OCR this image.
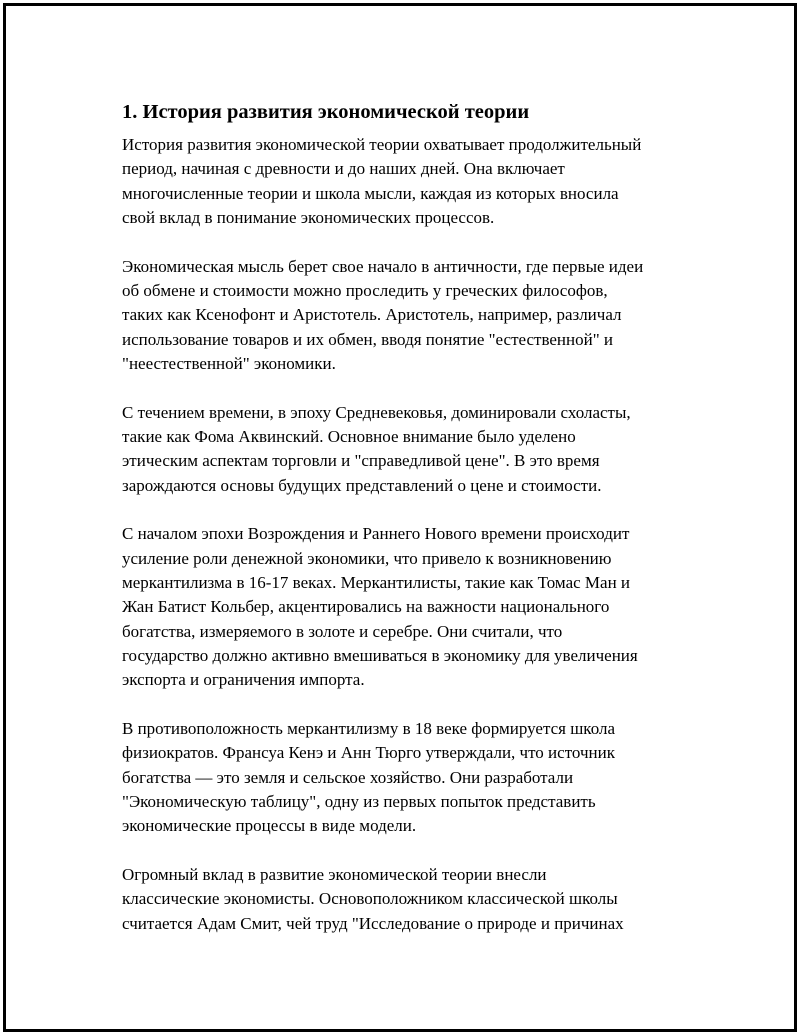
1. История развития экономической теории

История развития экономической теории охватывает продолжительный
период, начиная с древности и до наших дней. Она включает
многочисленные теории и школа мысли, каждая из которых вносила
свой вклад в понимание экономических процессов.

Экономическая мысль берет свое начало в античности, где первые идеи
об обмене и стоимости можно проследить у греческих философов,
таких как Ксенофонт и Аристотель. Аристотель, например, различал
использование товаров и их обмен, вводя понятие "естественной" и
"неестественной" экономики.

С течением времени, в эпоху Средневековья, доминировали схоласты,
такие как Фома Аквинский. Основное внимание было уделено
этическим аспектам торговли и "справедливой цене". В это время
зарождаются основы будущих представлений о цене и стоимости.

С началом эпохи Возрождения и Раннего Нового времени происходит
усиление роли денежной экономики, что привело к возникновению
меркантилизма в 16-17 веках. Меркантилисты, такие как Томас Ман и
Жан Батист Кольбер, акцентировались на важности национального
богатства, измеряемого в золоте и серебре. Они считали, что
государство должно активно вмешиваться в экономику для увеличения
экспорта и ограничения импорта.

В противоположность меркантилизму в 18 веке формируется школа
физиократов. Франсуа Кенэ и Анн Тюрго утверждали, что источник
богатства — это земля и сельское хозяйство. Они разработали
"Экономическую таблицу", одну из первых попыток представить
экономические процессы в виде модели.

Огромный вклад в развитие экономической теории внесли
классические экономисты. Основоположником классической школы
считается Адам Смит, чей труд "Исследование о природе и причинах
